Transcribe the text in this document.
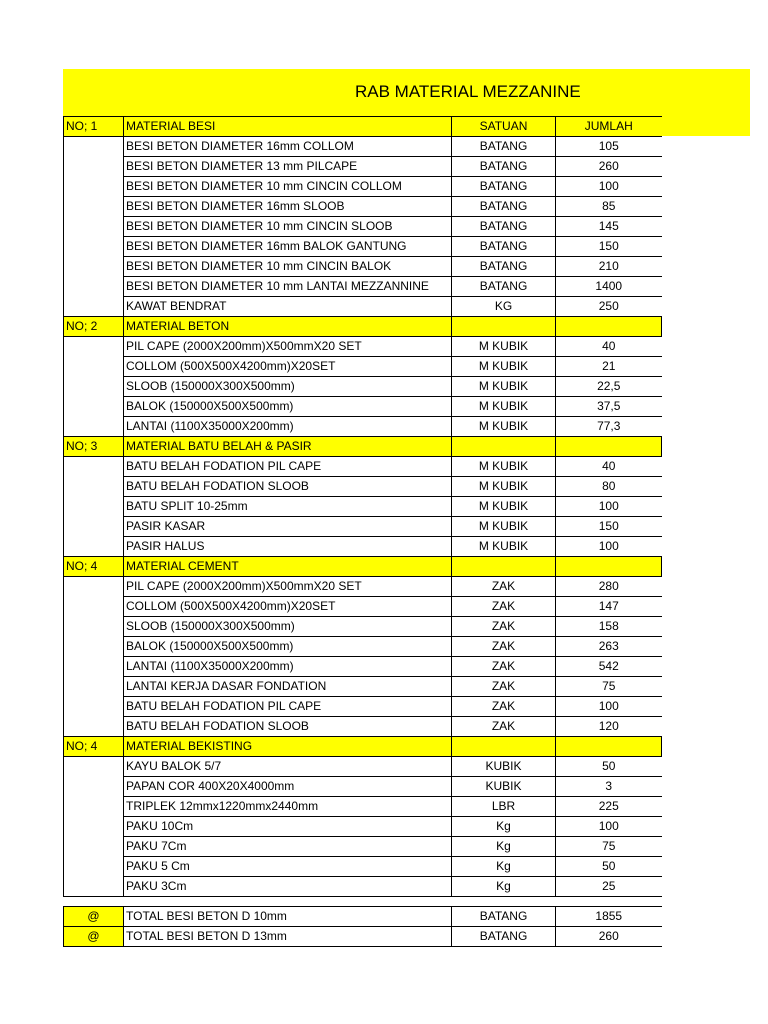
RAB MATERIAL MEZZANINE
NO; 1	MATERIAL BESI	SATUAN	JUMLAH
	BESI BETON DIAMETER 16mm COLLOM	BATANG	105
	BESI BETON DIAMETER 13 mm PILCAPE	BATANG	260
	BESI BETON DIAMETER 10 mm CINCIN COLLOM	BATANG	100
	BESI BETON DIAMETER 16mm SLOOB	BATANG	85
	BESI BETON DIAMETER 10 mm CINCIN SLOOB	BATANG	145
	BESI BETON DIAMETER 16mm BALOK GANTUNG	BATANG	150
	BESI BETON DIAMETER 10 mm CINCIN BALOK	BATANG	210
	BESI BETON DIAMETER 10 mm LANTAI MEZZANNINE	BATANG	1400
	KAWAT BENDRAT	KG	250
NO; 2	MATERIAL BETON		
	PIL CAPE (2000X200mm)X500mmX20 SET	M KUBIK	40
	COLLOM (500X500X4200mm)X20SET	M KUBIK	21
	SLOOB (150000X300X500mm)	M KUBIK	22,5
	BALOK (150000X500X500mm)	M KUBIK	37,5
	LANTAI (1100X35000X200mm)	M KUBIK	77,3
NO; 3	MATERIAL BATU BELAH & PASIR		
	BATU BELAH FODATION PIL CAPE	M KUBIK	40
	BATU BELAH FODATION SLOOB	M KUBIK	80
	BATU SPLIT 10-25mm	M KUBIK	100
	PASIR KASAR	M KUBIK	150
	PASIR HALUS	M KUBIK	100
NO; 4	MATERIAL CEMENT		
	PIL CAPE (2000X200mm)X500mmX20 SET	ZAK	280
	COLLOM (500X500X4200mm)X20SET	ZAK	147
	SLOOB (150000X300X500mm)	ZAK	158
	BALOK (150000X500X500mm)	ZAK	263
	LANTAI (1100X35000X200mm)	ZAK	542
	LANTAI KERJA DASAR FONDATION	ZAK	75
	BATU BELAH FODATION PIL CAPE	ZAK	100
	BATU BELAH FODATION SLOOB	ZAK	120
NO; 4	MATERIAL BEKISTING		
	KAYU BALOK 5/7	KUBIK	50
	PAPAN COR 400X20X4000mm	KUBIK	3
	TRIPLEK 12mmx1220mmx2440mm	LBR	225
	PAKU 10Cm	Kg	100
	PAKU 7Cm	Kg	75
	PAKU 5 Cm	Kg	50
	PAKU 3Cm	Kg	25
@	TOTAL BESI BETON D 10mm	BATANG	1855
@	TOTAL BESI BETON D 13mm	BATANG	260
